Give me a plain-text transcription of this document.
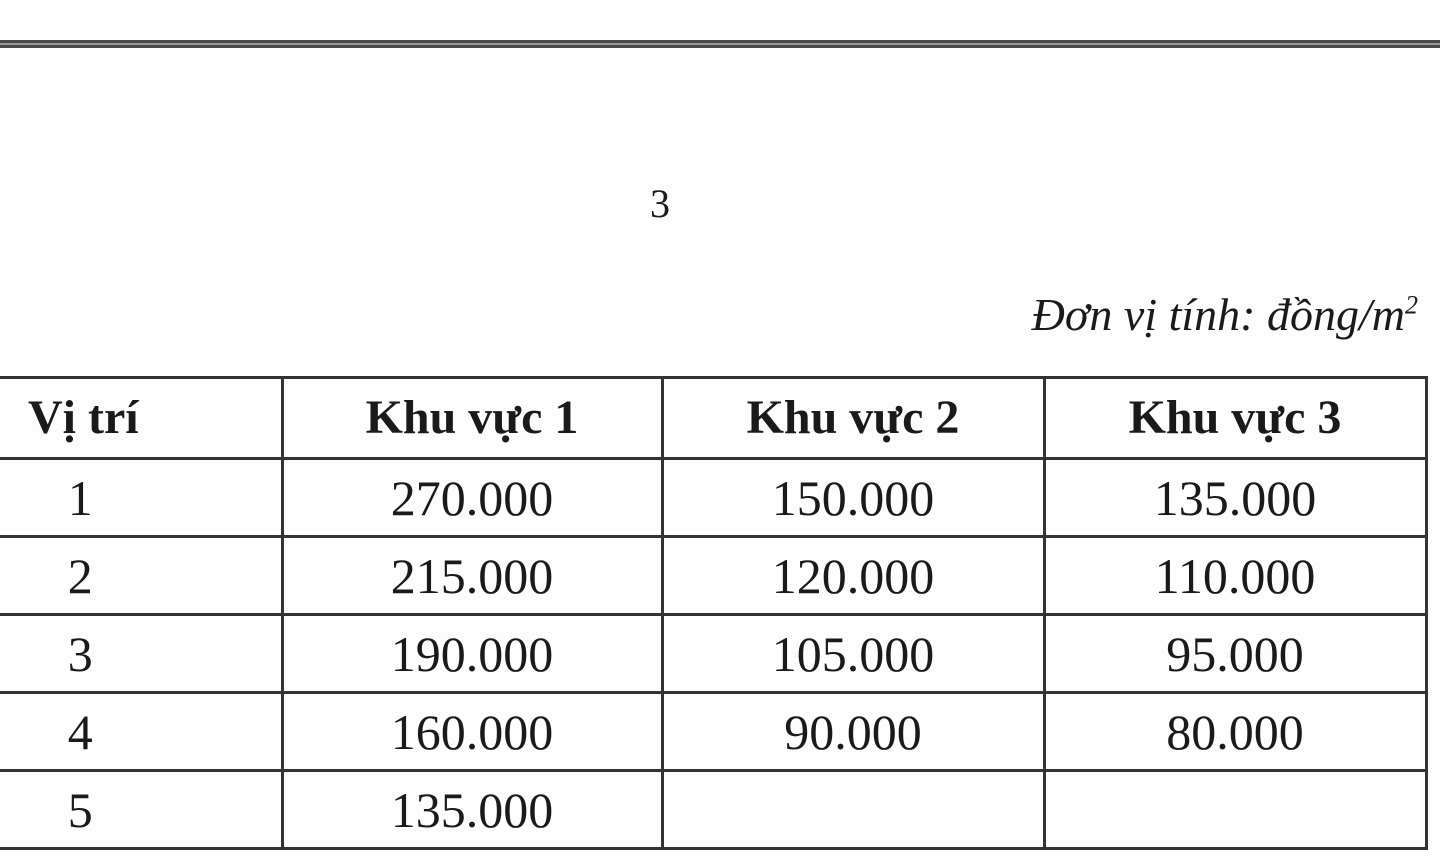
3
Đơn vị tính: đồng/$m^2$
Vị trí	Khu vực 1	Khu vực 2	Khu vực 3
1	270.000	150.000	135.000
2	215.000	120.000	110.000
3	190.000	105.000	95.000
4	160.000	90.000	80.000
5	135.000		
